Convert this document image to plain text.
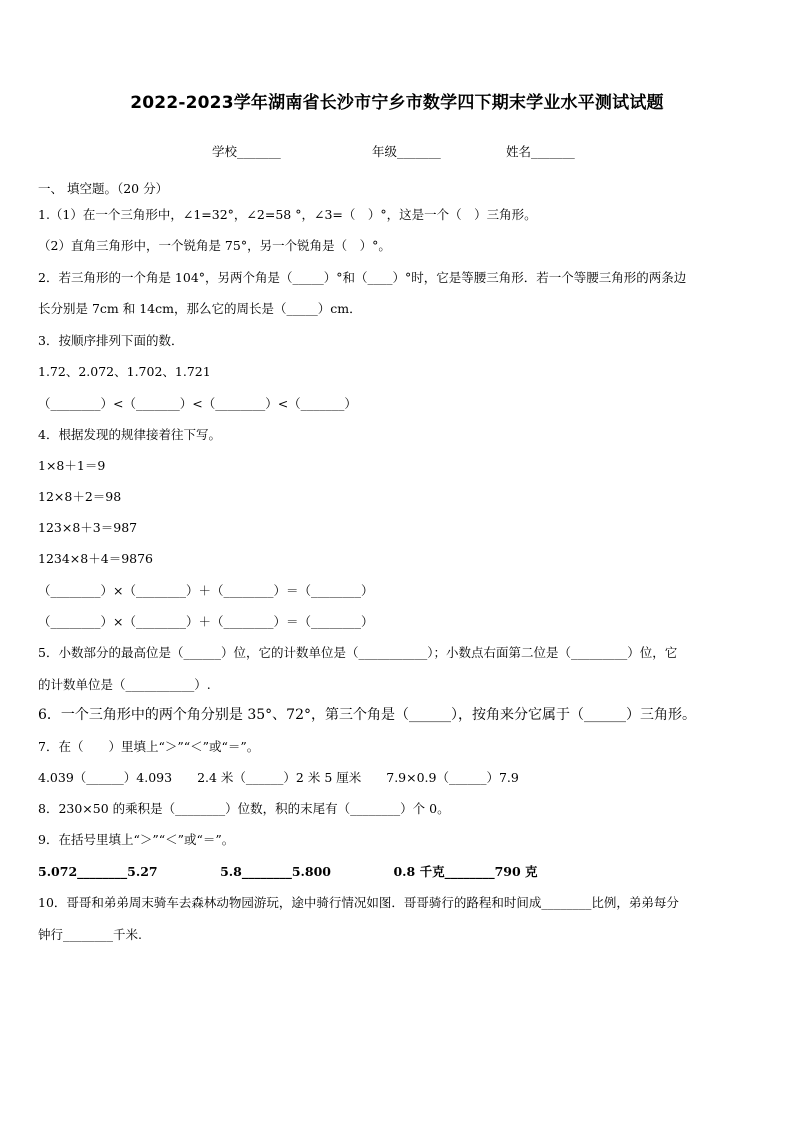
2022-2023学年湖南省长沙市宁乡市数学四下期末学业水平测试试题
学校_______	年级_______	姓名_______
一、 填空题。（20 分）
1.（1）在一个三角形中，∠1=32°，∠2=58 °，∠3=（　）°，这是一个（　）三角形。
（2）直角三角形中，一个锐角是 75°，另一个锐角是（　）°。
2．若三角形的一个角是 104°，另两个角是（_____）°和（____）°时，它是等腰三角形．若一个等腰三角形的两条边
长分别是 7cm 和 14cm，那么它的周长是（_____）cm．
3．按顺序排列下面的数．
1.72、2.072、1.702、1.721
（________）<（_______）<（________）<（_______）
4．根据发现的规律接着往下写。
1×8＋1＝9
12×8＋2＝98
123×8＋3＝987
1234×8＋4＝9876
（________）×（________）＋（________）＝（________）
（________）×（________）＋（________）＝（________）
5．小数部分的最高位是（______）位，它的计数单位是（___________）；小数点右面第二位是（_________）位，它
的计数单位是（___________）.
6．一个三角形中的两个角分别是 35°、72°，第三个角是（______），按角来分它属于（______）三角形。
7．在（　　）里填上“＞”“＜”或“＝”。
4.039（______）4.093　　2.4 米（______）2 米 5 厘米　　7.9×0.9（______）7.9
8．230×50 的乘积是（________）位数，积的末尾有（________）个 0。
9．在括号里填上“＞”“＜”或“＝”。
5.072________5.27　　　　　5.8________5.800　　　　　0.8 千克________790 克
10．哥哥和弟弟周末骑车去森林动物园游玩，途中骑行情况如图．哥哥骑行的路程和时间成________比例，弟弟每分
钟行________千米.
